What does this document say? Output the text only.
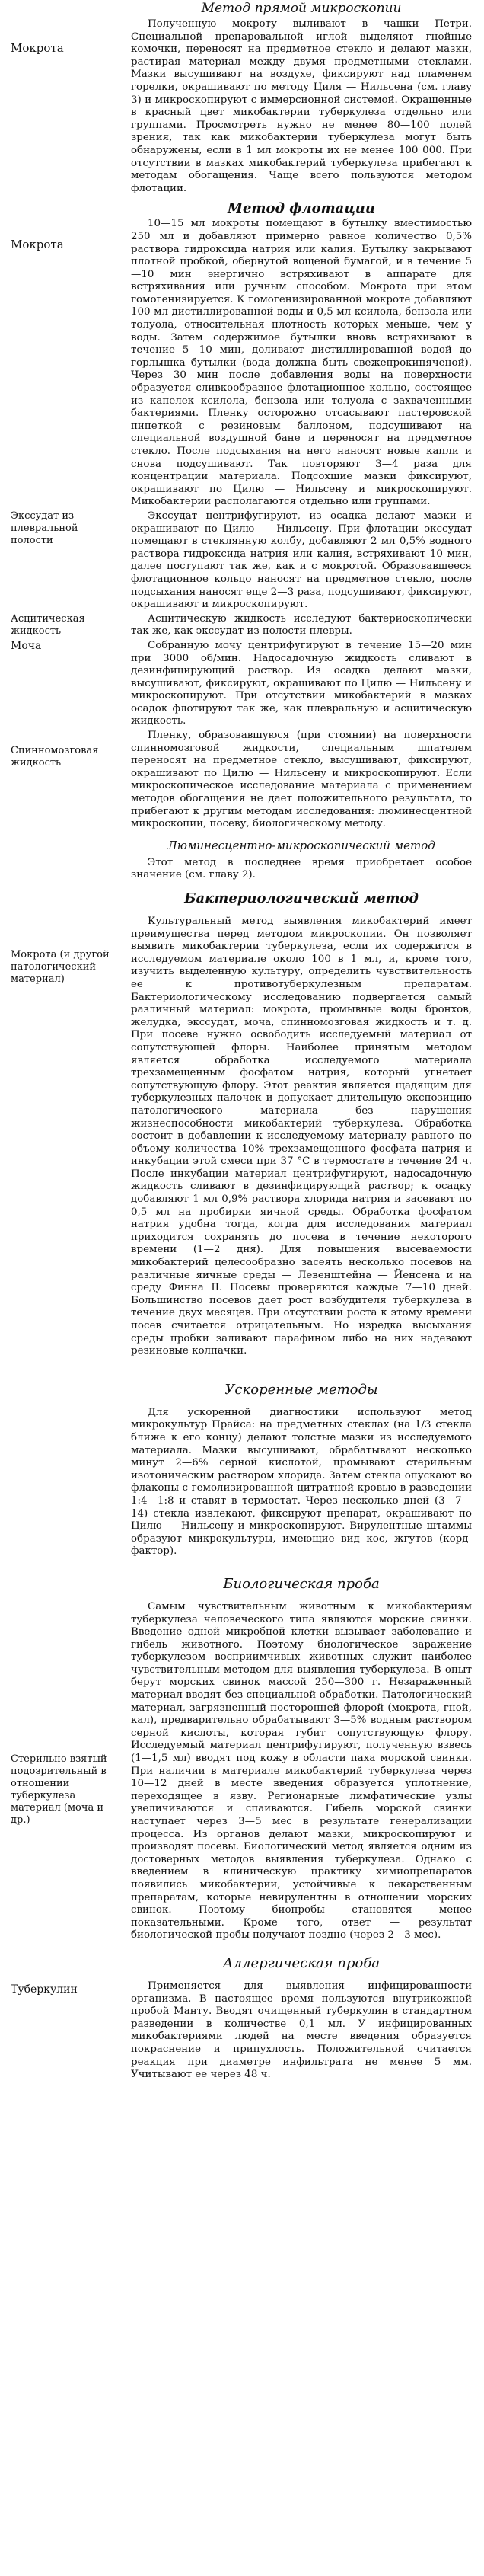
Метод прямой микроскопии
Мокрота

Полученную мокроту выливают в чашки Петри. Специальной препаровальной иглой выделяют гнойные комочки, переносят на предметное стекло и делают мазки, растирая материал между двумя предметными стеклами. Мазки высушивают на воздухе, фиксируют над пламенем горелки, окрашивают по методу Циля — Нильсена (см. главу 3) и микроскопируют с иммерсионной системой. Окрашенные в красный цвет микобактерии туберкулеза отдельно или группами. Просмотреть нужно не менее 80—100 полей зрения, так как микобактерии туберкулеза могут быть обнаружены, если в 1 мл мокроты их не менее 100 000. При отсутствии в мазках микобактерий туберкулеза прибегают к методам обогащения. Чаще всего пользуются методом флотации.

Метод флотации
Мокрота

10—15 мл мокроты помещают в бутылку вместимостью 250 мл и добавляют примерно равное количество 0,5% раствора гидроксида натрия или калия. Бутылку закрывают плотной пробкой, обернутой вощеной бумагой, и в течение 5—10 мин энергично встряхивают в аппарате для встряхивания или ручным способом. Мокрота при этом гомогенизируется. К гомогенизированной мокроте добавляют 100 мл дистиллированной воды и 0,5 мл ксилола, бензола или толуола, относительная плотность которых меньше, чем у воды. Затем содержимое бутылки вновь встряхивают в течение 5—10 мин, доливают дистиллированной водой до горлышка бутылки (вода должна быть свежепрокипяченой). Через 30 мин после добавления воды на поверхности образуется сливкообразное флотационное кольцо, состоящее из капелек ксилола, бензола или толуола с захваченными бактериями. Пленку осторожно отсасывают пастеровской пипеткой с резиновым баллоном, подсушивают на специальной воздушной бане и переносят на предметное стекло. После подсыхания на него наносят новые капли и снова подсушивают. Так повторяют 3—4 раза для концентрации материала. Подсохшие мазки фиксируют, окрашивают по Цилю — Нильсену и микроскопируют. Микобактерии располагаются отдельно или группами.

Экссудат из плевральной полости

Экссудат центрифугируют, из осадка делают мазки и окрашивают по Цилю — Нильсену. При флотации экссудат помещают в стеклянную колбу, добавляют 2 мл 0,5% водного раствора гидроксида натрия или калия, встряхивают 10 мин, далее поступают так же, как и с мокротой. Образовавшееся флотационное кольцо наносят на предметное стекло, после подсыхания наносят еще 2—3 раза, подсушивают, фиксируют, окрашивают и микроскопируют.

Асцитическая жидкость

Асцитическую жидкость исследуют бактериоскопически так же, как экссудат из полости плевры.

Моча	Собранную мочу центрифугируют в течение 15—20 мин при 3000 об/мин. Надосадочную жидкость сливают в дезинфицирующий раствор. Из осадка делают мазки, высушивают, фиксируют, окрашивают по Цилю — Нильсену и микроскопируют. При отсутствии микобактерий в мазках осадок флотируют так же, как плевральную и асцитическую жидкость.

Спинномозговая жидкость

Пленку, образовавшуюся (при стоянии) на поверхности спинномозговой жидкости, специальным шпателем переносят на предметное стекло, высушивают, фиксируют, окрашивают по Цилю — Нильсену и микроскопируют. Если микроскопическое исследование материала с применением методов обогащения не дает положительного результата, то прибегают к другим методам исследования: люминесцентной микроскопии, посеву, биологическому методу.

Люминесцентно-микроскопический метод

Этот метод в последнее время приобретает особое значение (см. главу 2).

Бактериологический метод
Мокрота (и другой патологический материал)

Культуральный метод выявления микобактерий имеет преимущества перед методом микроскопии. Он позволяет выявить микобактерии туберкулеза, если их содержится в исследуемом материале около 100 в 1 мл, и, кроме того, изучить выделенную культуру, определить чувствительность ее к противотуберкулезным препаратам. Бактериологическому исследованию подвергается самый различный материал: мокрота, промывные воды бронхов, желудка, экссудат, моча, спинномозговая жидкость и т. д. При посеве нужно освободить исследуемый материал от сопутствующей флоры. Наиболее принятым методом является обработка исследуемого материала трехзамещенным фосфатом натрия, который угнетает сопутствующую флору. Этот реактив является щадящим для туберкулезных палочек и допускает длительную экспозицию патологического материала без нарушения жизнеспособности микобактерий туберкулеза. Обработка состоит в добавлении к исследуемому материалу равного по объему количества 10% трехзамещенного фосфата натрия и инкубации этой смеси при 37 °С в термостате в течение 24 ч. После инкубации материал центрифугируют, надосадочную жидкость сливают в дезинфицирующий раствор; к осадку добавляют 1 мл 0,9% раствора хлорида натрия и засевают по 0,5 мл на пробирки яичной среды. Обработка фосфатом натрия удобна тогда, когда для исследования материал приходится сохранять до посева в течение некоторого времени (1—2 дня). Для повышения высеваемости микобактерий целесообразно засеять несколько посевов на различные яичные среды — Левенштейна — Йенсена и на среду Финна II. Посевы проверяются каждые 7—10 дней. Большинство посевов дает рост возбудителя туберкулеза в течение двух месяцев. При отсутствии роста к этому времени посев считается отрицательным. Но изредка высыхания среды пробки заливают парафином либо на них надевают резиновые колпачки.

Ускоренные методы

Для ускоренной диагностики используют метод микрокультур Прайса: на предметных стеклах (на 1/3 стекла ближе к его концу) делают толстые мазки из исследуемого материала. Мазки высушивают, обрабатывают несколько минут 2—6% серной кислотой, промывают стерильным изотоническим раствором хлорида. Затем стекла опускают во флаконы с гемолизированной цитратной кровью в разведении 1:4—1:8 и ставят в термостат. Через несколько дней (3—7—14) стекла извлекают, фиксируют препарат, окрашивают по Цилю — Нильсену и микроскопируют. Вирулентные штаммы образуют микрокультуры, имеющие вид кос, жгутов (корд-фактор).

Биологическая проба
Стерильно взятый подозрительный в отношении туберкулеза материал (моча и др.)

Самым чувствительным животным к микобактериям туберкулеза человеческого типа являются морские свинки. Введение одной микробной клетки вызывает заболевание и гибель животного. Поэтому биологическое заражение туберкулезом восприимчивых животных служит наиболее чувствительным методом для выявления туберкулеза. В опыт берут морских свинок массой 250—300 г. Незараженный материал вводят без специальной обработки. Патологический материал, загрязненный посторонней флорой (мокрота, гной, кал), предварительно обрабатывают 3—5% водным раствором серной кислоты, которая губит сопутствующую флору. Исследуемый материал центрифугируют, полученную взвесь (1—1,5 мл) вводят под кожу в области паха морской свинки. При наличии в материале микобактерий туберкулеза через 10—12 дней в месте введения образуется уплотнение, переходящее в язву. Регионарные лимфатические узлы увеличиваются и спаиваются. Гибель морской свинки наступает через 3—5 мес в результате генерализации процесса. Из органов делают мазки, микроскопируют и производят посевы. Биологический метод является одним из достоверных методов выявления туберкулеза. Однако с введением в клиническую практику химиопрепаратов появились микобактерии, устойчивые к лекарственным препаратам, которые невирулентны в отношении морских свинок. Поэтому биопробы становятся менее показательными. Кроме того, ответ — результат биологической пробы получают поздно (через 2—3 мес).

Аллергическая проба
Туберкулин	Применяется для выявления инфицированности организма. В настоящее время пользуются внутрикожной пробой Манту. Вводят очищенный туберкулин в стандартном разведении в количестве 0,1 мл. У инфицированных микобактериями людей на месте введения образуется покраснение и припухлость. Положительной считается реакция при диаметре инфильтрата не менее 5 мм. Учитывают ее через 48 ч.
